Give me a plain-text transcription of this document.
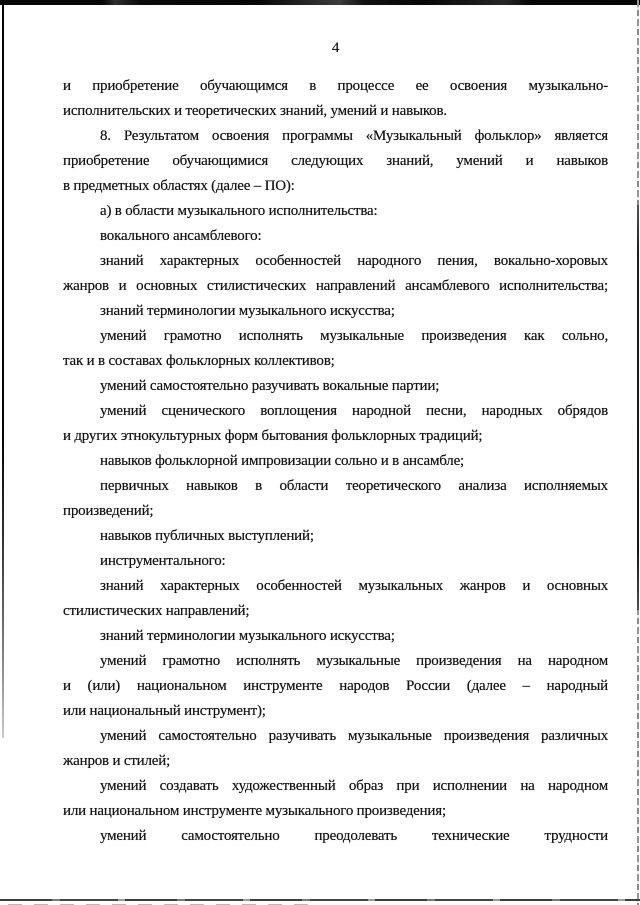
4
и приобретение обучающимся в процессе ее освоения музыкально-
исполнительских и теоретических знаний, умений и навыков.
8. Результатом освоения программы «Музыкальный фольклор» является
приобретение обучающимися следующих знаний, умений и навыков
в предметных областях (далее – ПО):
а) в области музыкального исполнительства:
вокального ансамблевого:
знаний характерных особенностей народного пения, вокально-хоровых
жанров и основных стилистических направлений ансамблевого исполнительства;
знаний терминологии музыкального искусства;
умений грамотно исполнять музыкальные произведения как сольно,
так и в составах фольклорных коллективов;
умений самостоятельно разучивать вокальные партии;
умений сценического воплощения народной песни, народных обрядов
и других этнокультурных форм бытования фольклорных традиций;
навыков фольклорной импровизации сольно и в ансамбле;
первичных навыков в области теоретического анализа исполняемых
произведений;
навыков публичных выступлений;
инструментального:
знаний характерных особенностей музыкальных жанров и основных
стилистических направлений;
знаний терминологии музыкального искусства;
умений грамотно исполнять музыкальные произведения на народном
и (или) национальном инструменте народов России (далее – народный
или национальный инструмент);
умений самостоятельно разучивать музыкальные произведения различных
жанров и стилей;
умений создавать художественный образ при исполнении на народном
или национальном инструменте музыкального произведения;
умений самостоятельно преодолевать технические трудности
